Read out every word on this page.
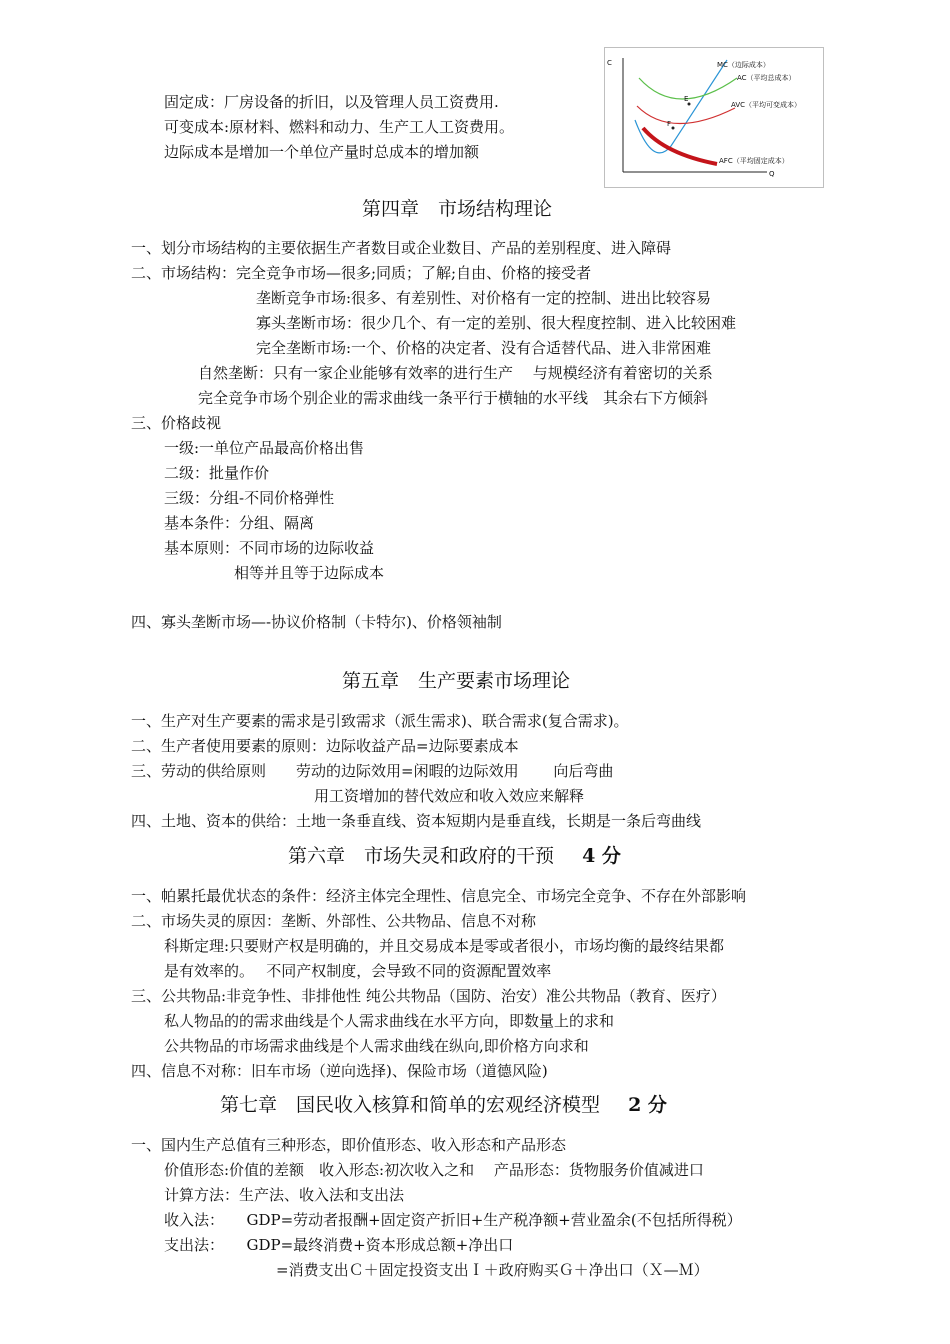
固定成：厂房设备的折旧，以及管理人员工资费用.
可变成本:原材料、燃料和动力、生产工人工资费用。
边际成本是增加一个单位产量时总成本的增加额
C
Q
E
F
MC（边际成本）
AC（平均总成本）
AVC（平均可变成本）
AFC（平均固定成本）
第四章　市场结构理论
一、划分市场结构的主要依据生产者数目或企业数目、产品的差别程度、进入障碍
二、市场结构：完全竞争市场—很多;同质；了解;自由、价格的接受者
垄断竞争市场:很多、有差别性、对价格有一定的控制、进出比较容易
寡头垄断市场：很少几个、有一定的差别、很大程度控制、进入比较困难
完全垄断市场:一个、价格的决定者、没有合适替代品、进入非常困难
自然垄断：只有一家企业能够有效率的进行生产　 与规模经济有着密切的关系
完全竞争市场个别企业的需求曲线一条平行于横轴的水平线　其余右下方倾斜
三、价格歧视
一级:一单位产品最高价格出售
二级：批量作价
三级：分组-不同价格弹性
基本条件：分组、隔离
基本原则：不同市场的边际收益
相等并且等于边际成本
四、寡头垄断市场—-协议价格制（卡特尔)、价格领袖制
第五章　生产要素市场理论
一、生产对生产要素的需求是引致需求（派生需求)、联合需求(复合需求)。
二、生产者使用要素的原则：边际收益产品=边际要素成本
三、劳动的供给原则　　劳动的边际效用=闲暇的边际效用　　 向后弯曲
用工资增加的替代效应和收入效应来解释
四、土地、资本的供给：土地一条垂直线、资本短期内是垂直线，长期是一条后弯曲线
第六章　市场失灵和政府的干预 4 分
一、帕累托最优状态的条件：经济主体完全理性、信息完全、市场完全竞争、不存在外部影响
二、市场失灵的原因：垄断、外部性、公共物品、信息不对称
科斯定理:只要财产权是明确的，并且交易成本是零或者很小，市场均衡的最终结果都
是有效率的。　 不同产权制度，会导致不同的资源配置效率
三、公共物品:非竞争性、非排他性 纯公共物品（国防、治安）准公共物品（教育、医疗）
私人物品的的需求曲线是个人需求曲线在水平方向，即数量上的求和
公共物品的市场需求曲线是个人需求曲线在纵向,即价格方向求和
四、信息不对称：旧车市场（逆向选择)、保险市场（道德风险)
第七章　国民收入核算和简单的宏观经济模型 2 分
一、国内生产总值有三种形态，即价值形态、收入形态和产品形态
价值形态:价值的差额　收入形态:初次收入之和　 产品形态：货物服务价值减进口
计算方法：生产法、收入法和支出法
收入法：　　GDP=劳动者报酬+固定资产折旧+生产税净额+营业盈余(不包括所得税）
支出法：　　GDP=最终消费+资本形成总额+净出口
=消费支出Ｃ＋固定投资支出Ｉ＋政府购买Ｇ＋净出口（Ｘ—Ｍ）
